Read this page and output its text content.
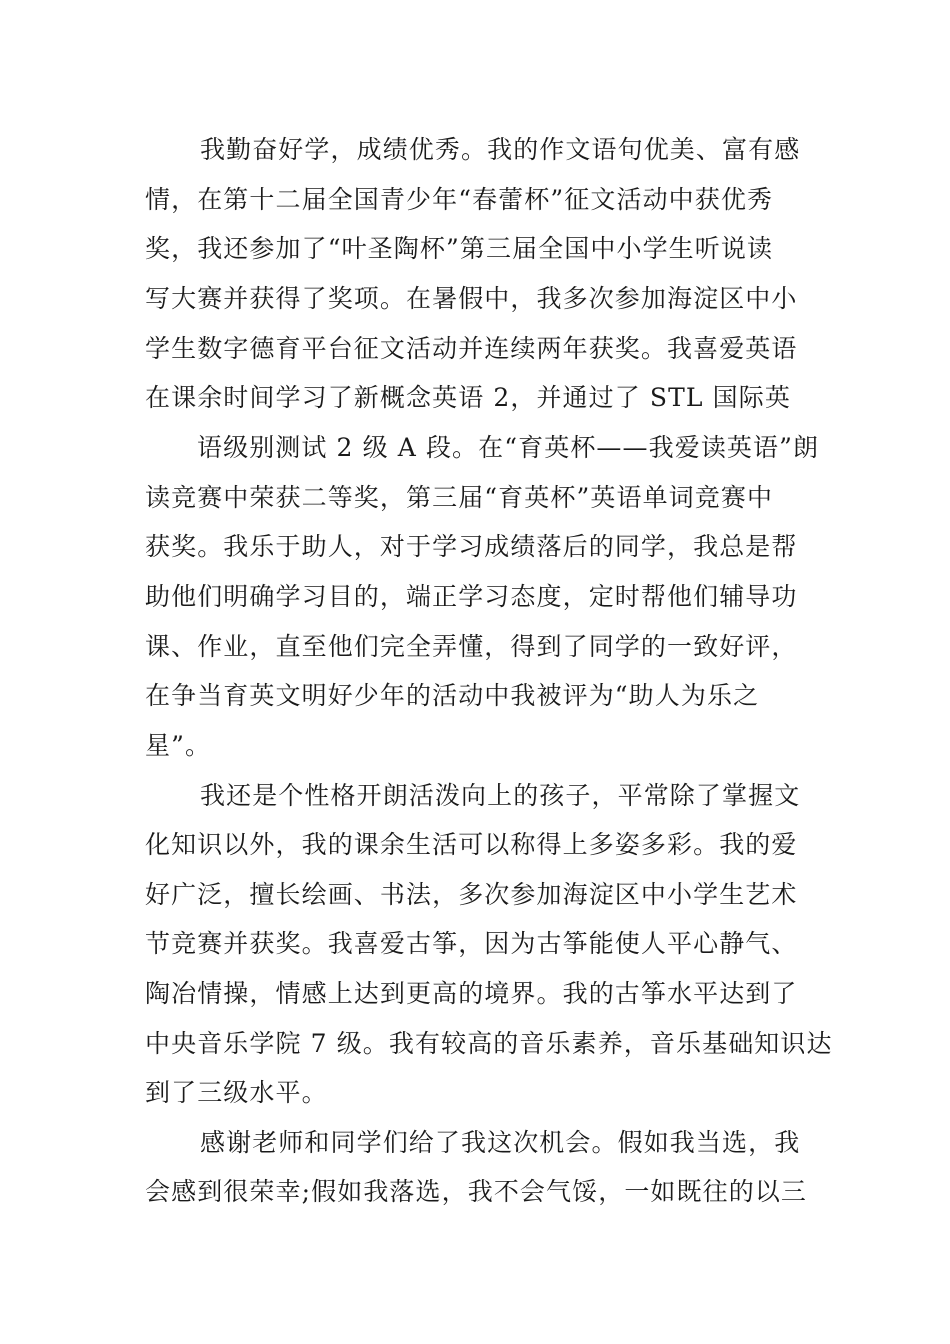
我勤奋好学，成绩优秀。我的作文语句优美、富有感
情，在第十二届全国青少年“春蕾杯”征文活动中获优秀
奖，我还参加了“叶圣陶杯”第三届全国中小学生听说读
写大赛并获得了奖项。在暑假中，我多次参加海淀区中小
学生数字德育平台征文活动并连续两年获奖。我喜爱英语
在课余时间学习了新概念英语 2，并通过了 STL 国际英
语级别测试 2 级 A 段。在“育英杯——我爱读英语”朗
读竞赛中荣获二等奖，第三届“育英杯”英语单词竞赛中
获奖。我乐于助人，对于学习成绩落后的同学，我总是帮
助他们明确学习目的，端正学习态度，定时帮他们辅导功
课、作业，直至他们完全弄懂，得到了同学的一致好评，
在争当育英文明好少年的活动中我被评为“助人为乐之
星”。
我还是个性格开朗活泼向上的孩子，平常除了掌握文
化知识以外，我的课余生活可以称得上多姿多彩。我的爱
好广泛，擅长绘画、书法，多次参加海淀区中小学生艺术
节竞赛并获奖。我喜爱古筝，因为古筝能使人平心静气、
陶冶情操，情感上达到更高的境界。我的古筝水平达到了
中央音乐学院 7 级。我有较高的音乐素养，音乐基础知识达
到了三级水平。
感谢老师和同学们给了我这次机会。假如我当选，我
会感到很荣幸;假如我落选，我不会气馁，一如既往的以三
